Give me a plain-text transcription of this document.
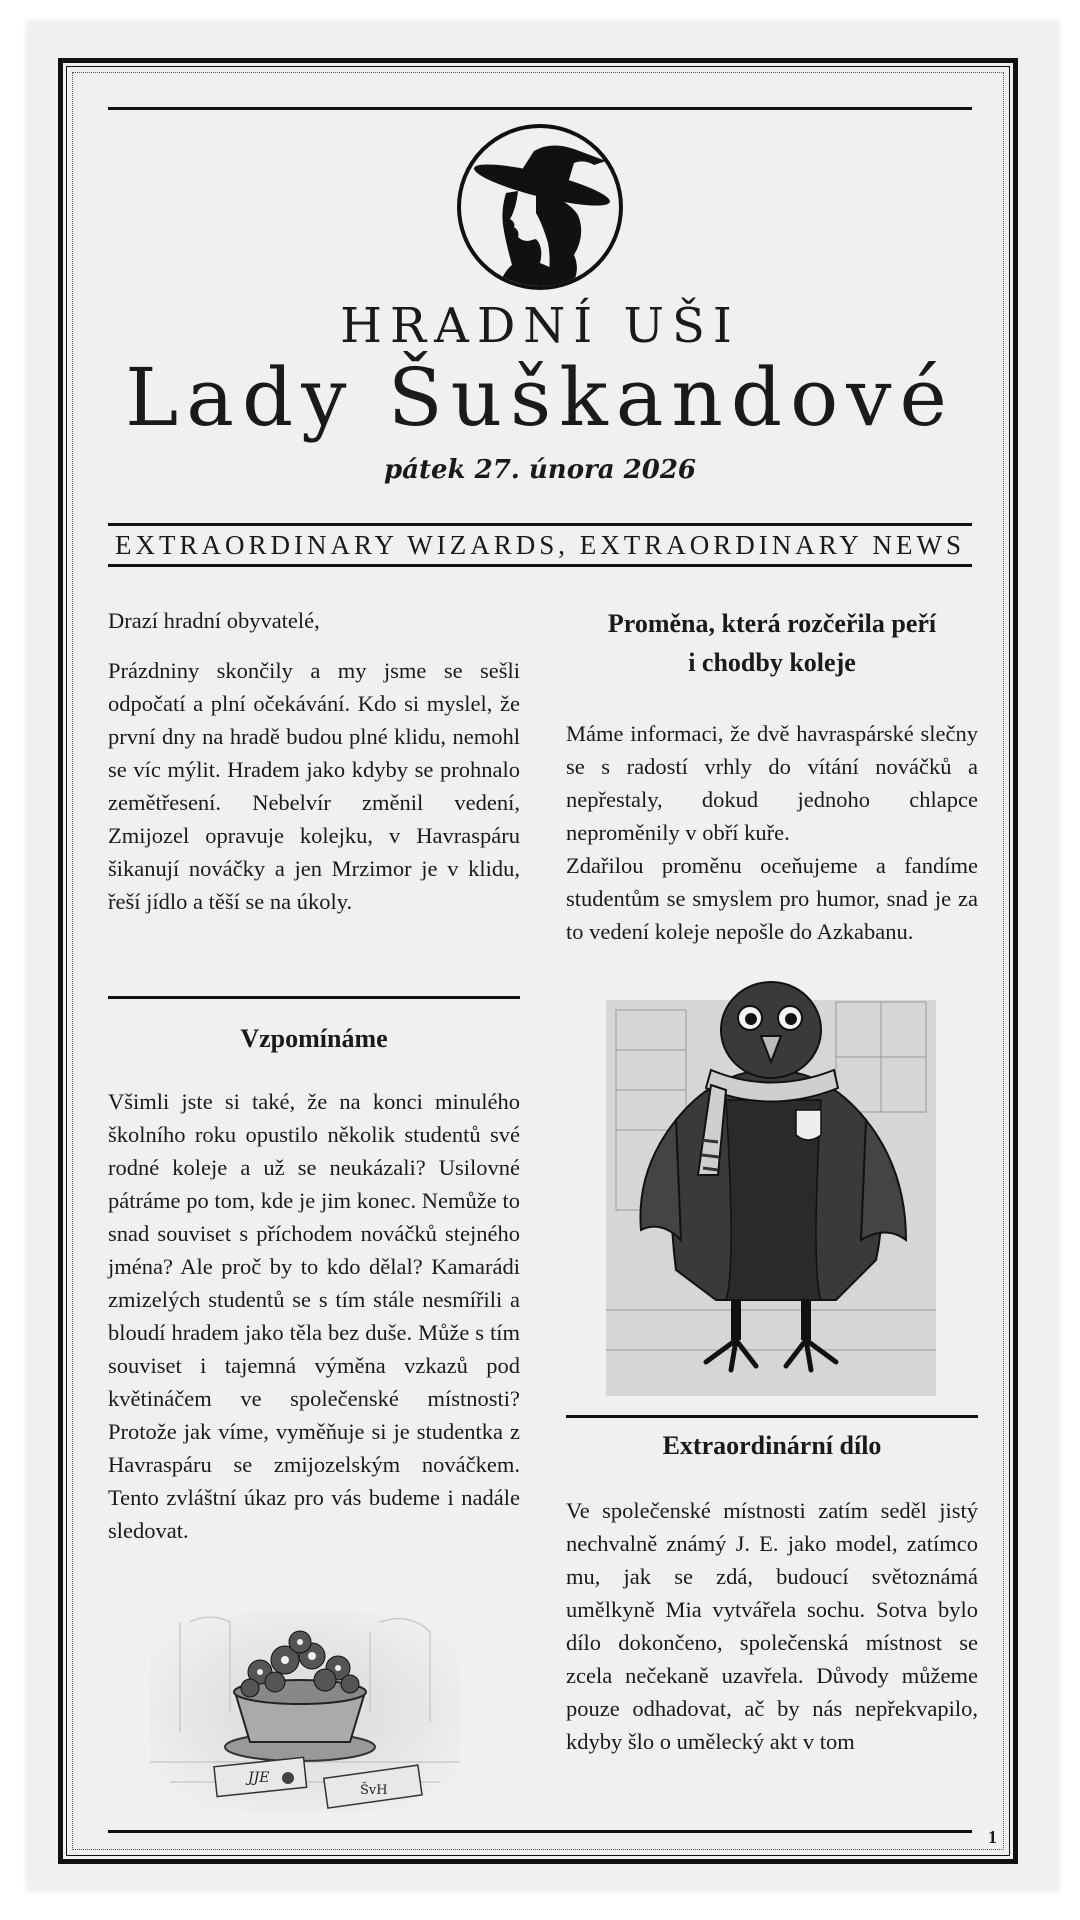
HRADNÍ UŠI
Lady Šuškandové
pátek 27. února 2026
EXTRAORDINARY WIZARDS, EXTRAORDINARY NEWS

Drazí hradní obyvatelé,

Prázdniny skončily a my jsme se sešli odpočatí a plní očekávání. Kdo si myslel, že první dny na hradě budou plné klidu, nemohl se víc mýlit. Hradem jako kdyby se prohnalo zemětřesení. Nebelvír změnil vedení, Zmijozel opravuje kolejku, v Havraspáru šikanují nováčky a jen Mrzimor je v klidu, řeší jídlo a těší se na úkoly.

Vzpomínáme

Všimli jste si také, že na konci minulého školního roku opustilo několik studentů své rodné koleje a už se neukázali? Usilovné pátráme po tom, kde je jim konec. Nemůže to snad souviset s příchodem nováčků stejného jména? Ale proč by to kdo dělal? Kamarádi zmizelých studentů se s tím stále nesmířili a bloudí hradem jako těla bez duše. Může s tím souviset i tajemná výměna vzkazů pod květináčem ve společenské místnosti? Protože jak víme, vyměňuje si je studentka z Havraspáru se zmijozelským nováčkem. Tento zvláštní úkaz pro vás budeme i nadále sledovat.

JJE
ŠvH
Proměna, která rozčeřila peří
i chodby koleje

Máme informaci, že dvě havraspárské slečny se s radostí vrhly do vítání nováčků a nepřestaly, dokud jednoho chlapce neproměnily v obří kuře.

Zdařilou proměnu oceňujeme a fandíme studentům se smyslem pro humor, snad je za to vedení koleje nepošle do Azkabanu.

Extraordinární dílo

Ve společenské místnosti zatím seděl jistý nechvalně známý J. E. jako model, zatímco mu, jak se zdá, budoucí světoznámá umělkyně Mia vytvářela sochu. Sotva bylo dílo dokončeno, společenská místnost se zcela nečekaně uzavřela. Důvody můžeme pouze odhadovat, ač by nás nepřekvapilo, kdyby šlo o umělecký akt v tom

1
